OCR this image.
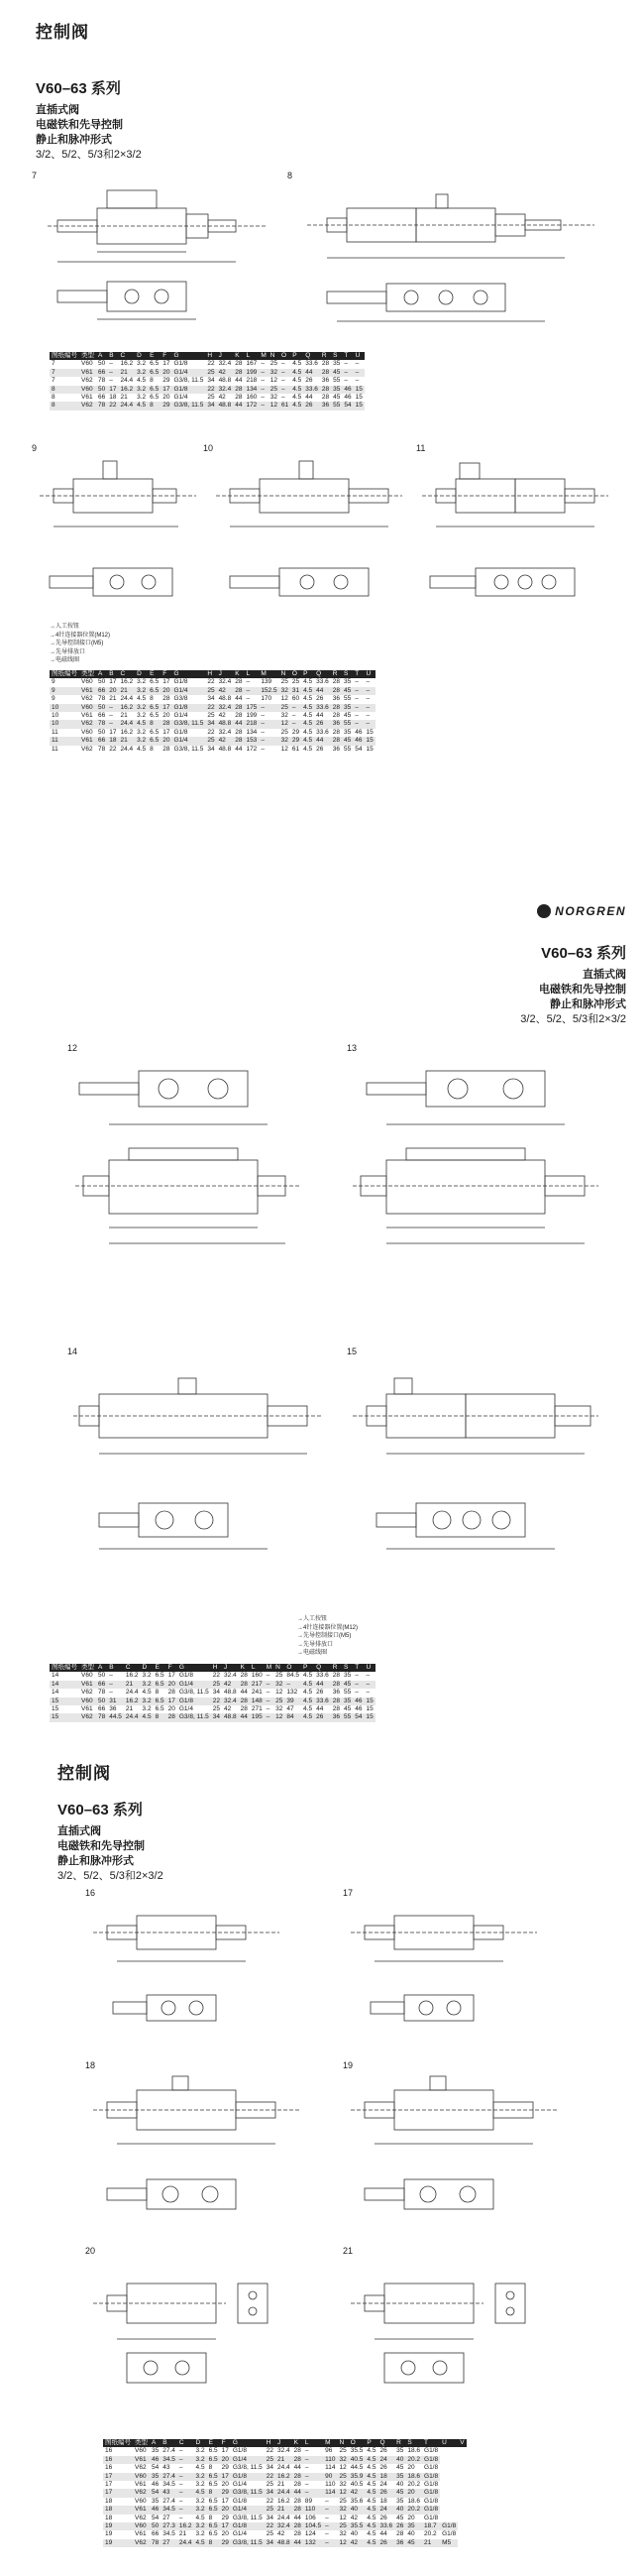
控制阀
V60–63 系列
直插式阀
电磁铁和先导控制
静止和脉冲形式
3/2、5/2、5/3和2×3/2
7	8
图纸编号	类型	A	B	C	D	E	F	G	H	J	K	L	M	N	O	P	Q	R	S	T	U
7	V60	50	–	16.2	3.2	6.5	17	G1/8	22	32.4	28	167	–	25	–	4.5	33.6	28	35	–	–
7	V61	66	–	21	3.2	6.5	20	G1/4	25	42	28	199	–	32	–	4.5	44	28	45	–	–
7	V62	78	–	24.4	4.5	8	29	G3/8, 11.5	34	48.8	44	218	–	12	–	4.5	26	36	55	–	–
8	V60	50	17	16.2	3.2	6.5	17	G1/8	22	32.4	28	134	–	25	–	4.5	33.6	28	35	46	15
8	V61	66	18	21	3.2	6.5	20	G1/4	25	42	28	160	–	32	–	4.5	44	28	45	46	15
8	V62	78	22	24.4	4.5	8	29	G3/8, 11.5	34	48.8	44	172	–	12	61	4.5	26	36	55	54	15
9	10	11
→ 人工按钮
→ 4针连接器位置(M12)
→ 先导控制接口(M5)
→ 先导排放口
→ 电磁线圈
图纸编号	类型	A	B	C	D	E	F	G	H	J	K	L	M	N	O	P	Q	R	S	T	U
9	V60	50	17	16.2	3.2	6.5	17	G1/8	22	32.4	28	–	139	25	25	4.5	33.6	28	35	–	–
9	V61	66	20	21	3.2	6.5	20	G1/4	25	42	28	–	152.5	32	31	4.5	44	28	45	–	–
9	V62	78	21	24.4	4.5	8	28	G3/8	34	48.8	44	–	170	12	60	4.5	26	36	55	–	–
10	V60	50	–	16.2	3.2	6.5	17	G1/8	22	32.4	28	175	–	25	–	4.5	33.6	28	35	–	–
10	V61	66	–	21	3.2	6.5	20	G1/4	25	42	28	199	–	32	–	4.5	44	28	45	–	–
10	V62	78	–	24.4	4.5	8	28	G3/8, 11.5	34	48.8	44	218	–	12	–	4.5	26	36	55	–	–
11	V60	50	17	16.2	3.2	6.5	17	G1/8	22	32.4	28	134	–	25	29	4.5	33.6	28	35	46	15
11	V61	66	18	21	3.2	6.5	20	G1/4	25	42	28	153	–	32	29	4.5	44	28	45	46	15
11	V62	78	22	24.4	4.5	8	28	G3/8, 11.5	34	48.8	44	172	–	12	61	4.5	26	36	55	54	15
NORGREN
V60–63 系列
直插式阀
电磁铁和先导控制
静止和脉冲形式
3/2、5/2、5/3和2×3/2
12	13
14	15
→ 人工按钮
→ 4针连接器位置(M12)
→ 先导控制接口(M5)
→ 先导排放口
→ 电磁线圈
图纸编号	类型	A	B	C	D	E	F	G	H	J	K	L	M	N	O	P	Q	R	S	T	U
14	V60	50	–	16.2	3.2	6.5	17	G1/8	22	32.4	28	160	–	25	84.5	4.5	33.6	28	35	–	–
14	V61	66	–	21	3.2	6.5	20	G1/4	25	42	28	217	–	32	–	4.5	44	28	45	–	–
14	V62	78	–	24.4	4.5	8	28	G3/8, 11.5	34	48.8	44	241	–	12	132	4.5	26	36	55	–	–
15	V60	50	31	16.2	3.2	6.5	17	G1/8	22	32.4	28	148	–	25	39	4.5	33.6	28	35	46	15
15	V61	66	36	21	3.2	6.5	20	G1/4	25	42	28	271	–	32	47	4.5	44	28	45	46	15
15	V62	78	44.5	24.4	4.5	8	28	G3/8, 11.5	34	48.8	44	195	–	12	84	4.5	26	36	55	54	15
控制阀
V60–63 系列
直插式阀
电磁铁和先导控制
静止和脉冲形式
3/2、5/2、5/3和2×3/2
16	17
18	19
20	21
图纸编号	类型	A	B	C	D	E	F	G	H	J	K	L	M	N	O	P	Q	R	S	T	U	V
16	V60	35	27.4	–	3.2	6.5	17	G1/8	22	32.4	28	–	96	25	35.5	4.5	26	35	18.6	G1/8		
16	V61	46	34.5	–	3.2	6.5	20	G1/4	25	21	28	–	110	32	40.5	4.5	24	40	20.2	G1/8		
16	V62	54	43	–	4.5	8	29	G3/8, 11.5	34	24.4	44	–	114	12	44.5	4.5	26	45	20	G1/8		
17	V60	35	27.4	–	3.2	6.5	17	G1/8	22	16.2	28	–	90	25	35.9	4.5	18	35	18.6	G1/8		
17	V61	46	34.5	–	3.2	6.5	20	G1/4	25	21	28	–	110	32	40.5	4.5	24	40	20.2	G1/8		
17	V62	54	43	–	4.5	8	29	G3/8, 11.5	34	24.4	44	–	114	12	42	4.5	26	45	20	G1/8		
18	V60	35	27.4	–	3.2	6.5	17	G1/8	22	16.2	28	89	–	25	35.6	4.5	18	35	18.6	G1/8		
18	V61	46	34.5	–	3.2	6.5	20	G1/4	25	21	28	110	–	32	40	4.5	24	40	20.2	G1/8		
18	V62	54	27	–	4.5	8	29	G3/8, 11.5	34	24.4	44	106	–	12	42	4.5	26	45	20	G1/8		
19	V60	50	27.3	16.2	3.2	6.5	17	G1/8	22	32.4	28	104.5	–	25	35.5	4.5	33.6	26	35	18.7	G1/8	
19	V61	66	34.5	21	3.2	6.5	20	G1/4	25	42	28	124	–	32	40	4.5	44	28	40	20.2	G1/8	
19	V62	78	27	24.4	4.5	8	29	G3/8, 11.5	34	48.8	44	132	–	12	42	4.5	26	36	45	21	M5	
